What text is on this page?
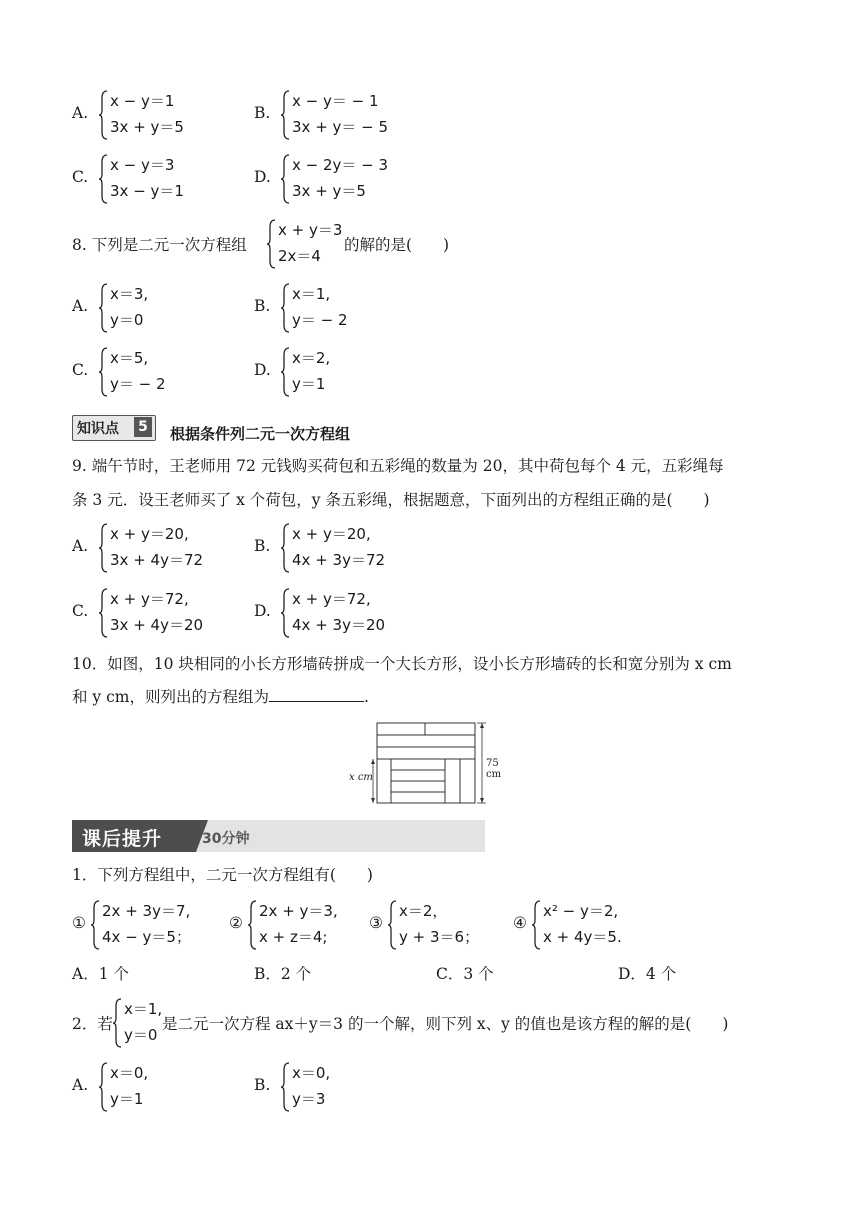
A.
x − y＝1
3x + y＝5
B.
x − y＝ − 1
3x + y＝ − 5
C.
x − y＝3
3x − y＝1
D.
x − 2y＝ − 3
3x + y＝5
8. 下列是二元一次方程组
x + y＝3
2x＝4
的解的是(　　)
A.
x＝3,
y＝0
B.
x＝1,
y＝ − 2
C.
x＝5,
y＝ − 2
D.
x＝2,
y＝1
知识点 5 根据条件列二元一次方程组
9. 端午节时，王老师用 72 元钱购买荷包和五彩绳的数量为 20，其中荷包每个 4 元，五彩绳每
条 3 元．设王老师买了 x 个荷包，y 条五彩绳，根据题意，下面列出的方程组正确的是(　　)
A.
x + y＝20,
3x + 4y＝72
B.
x + y＝20,
4x + 3y＝72
C.
x + y＝72,
3x + 4y＝20
D.
x + y＝72,
4x + 3y＝20
10．如图，10 块相同的小长方形墙砖拼成一个大长方形，设小长方形墙砖的长和宽分别为 x cm
和 y cm，则列出的方程组为	.
x cm
75 cm
课后提升	30分钟
1．下列方程组中，二元一次方程组有(　　)
①
2x + 3y＝7,
4x − y＝5；
②
2x + y＝3,
x + z＝4;
③
x＝2，
y + 3＝6；
④
x² − y＝2,
x + 4y＝5.
A．1 个	B．2 个	C．3 个	D．4 个
2．若
x＝1,
y＝0
是二元一次方程 ax＋y＝3 的一个解，则下列 x、y 的值也是该方程的解的是(　　)
A.
x＝0,
y＝1
B.
x＝0,
y＝3
